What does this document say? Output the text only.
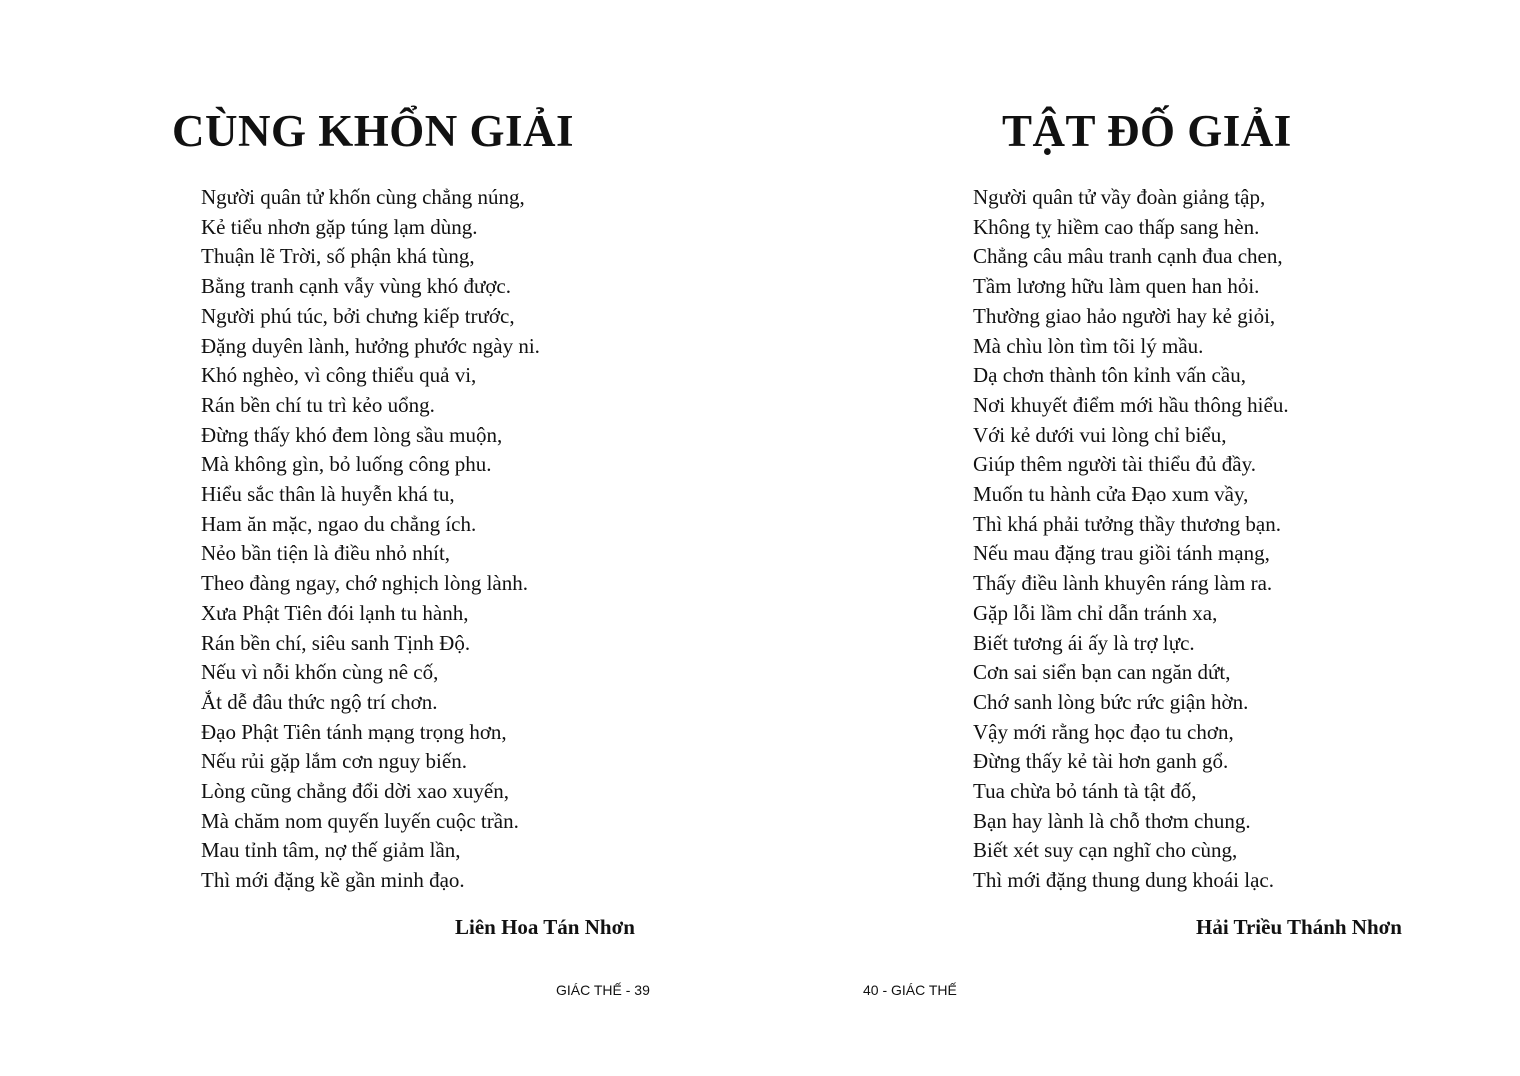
CÙNG KHỔN GIẢI
Người quân tử khốn cùng chẳng núng,
Kẻ tiểu nhơn gặp túng lạm dùng.
Thuận lẽ Trời, số phận khá tùng,
Bằng tranh cạnh vẫy vùng khó được.
Người phú túc, bởi chưng kiếp trước,
Đặng duyên lành, hưởng phước ngày ni.
Khó nghèo, vì công thiểu quả vi,
Rán bền chí tu trì kẻo uổng.
Đừng thấy khó đem lòng sầu muộn,
Mà không gìn, bỏ luống công phu.
Hiểu sắc thân là huyễn khá tu,
Ham ăn mặc, ngao du chẳng ích.
Nẻo bần tiện là điều nhỏ nhít,
Theo đàng ngay, chớ nghịch lòng lành.
Xưa Phật Tiên đói lạnh tu hành,
Rán bền chí, siêu sanh Tịnh Độ.
Nếu vì nỗi khốn cùng nê cố,
Ắt dễ đâu thức ngộ trí chơn.
Đạo Phật Tiên tánh mạng trọng hơn,
Nếu rủi gặp lắm cơn nguy biến.
Lòng cũng chẳng đổi dời xao xuyến,
Mà chăm nom quyến luyến cuộc trần.
Mau tỉnh tâm, nợ thế giảm lần,
Thì mới đặng kề gần minh đạo.
Liên Hoa Tán Nhơn
GIÁC THẾ - 39
TẬT ĐỐ GIẢI
Người quân tử vầy đoàn giảng tập,
Không tỵ hiềm cao thấp sang hèn.
Chẳng câu mâu tranh cạnh đua chen,
Tầm lương hữu làm quen han hỏi.
Thường giao hảo người hay kẻ giỏi,
Mà chìu lòn tìm tõi lý mầu.
Dạ chơn thành tôn kỉnh vấn cầu,
Nơi khuyết điểm mới hầu thông hiểu.
Với kẻ dưới vui lòng chỉ biểu,
Giúp thêm người tài thiểu đủ đầy.
Muốn tu hành cửa Đạo xum vầy,
Thì khá phải tưởng thầy thương bạn.
Nếu mau đặng trau giồi tánh mạng,
Thấy điều lành khuyên ráng làm ra.
Gặp lỗi lầm chỉ dẫn tránh xa,
Biết tương ái ấy là trợ lực.
Cơn sai siển bạn can ngăn dứt,
Chớ sanh lòng bức rức giận hờn.
Vậy mới rằng học đạo tu chơn,
Đừng thấy kẻ tài hơn ganh gổ.
Tua chừa bỏ tánh tà tật đố,
Bạn hay lành là chỗ thơm chung.
Biết xét suy cạn nghĩ cho cùng,
Thì mới đặng thung dung khoái lạc.
Hải Triều Thánh Nhơn
40 - GIÁC THẾ
